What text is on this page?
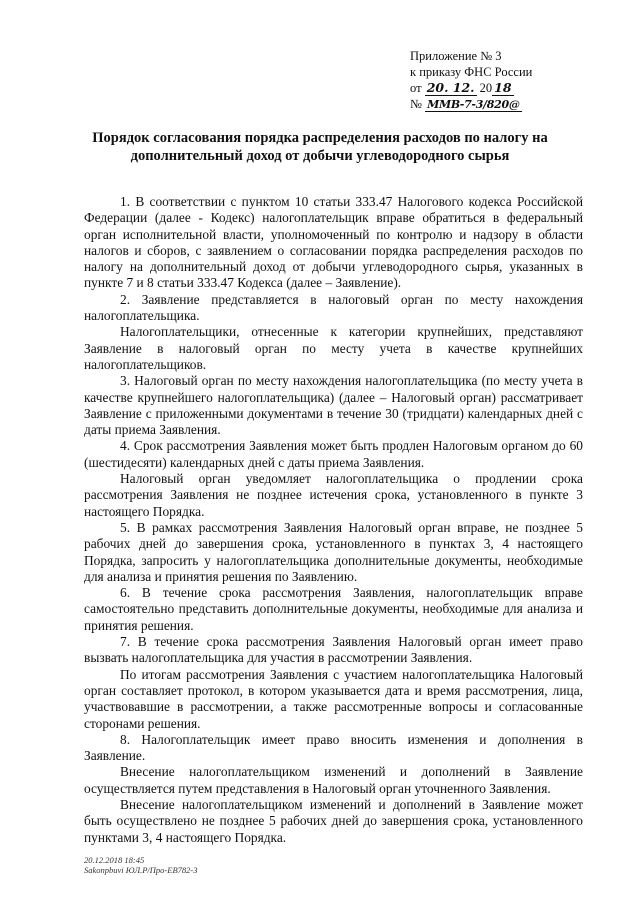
Приложение № 3
к приказу ФНС России
от 20. 12. 20 18
№ ММВ-7-3/820@
Порядок согласования порядка распределения расходов по налогу на
дополнительный доход от добычи углеводородного сырья

1. В соответствии с пунктом 10 статьи 333.47 Налогового кодекса Российской Федерации (далее - Кодекс) налогоплательщик вправе обратиться в федеральный орган исполнительной власти, уполномоченный по контролю и надзору в области налогов и сборов, с заявлением о согласовании порядка распределения расходов по налогу на дополнительный доход от добычи углеводородного сырья, указанных в пункте 7 и 8 статьи 333.47 Кодекса (далее – Заявление).

2. Заявление представляется в налоговый орган по месту нахождения налогоплательщика.

Налогоплательщики, отнесенные к категории крупнейших, представляют Заявление в налоговый орган по месту учета в качестве крупнейших налогоплательщиков.

3. Налоговый орган по месту нахождения налогоплательщика (по месту учета в качестве крупнейшего налогоплательщика) (далее – Налоговый орган) рассматривает Заявление с приложенными документами в течение 30 (тридцати) календарных дней с даты приема Заявления.

4. Срок рассмотрения Заявления может быть продлен Налоговым органом до 60 (шестидесяти) календарных дней с даты приема Заявления.

Налоговый орган уведомляет налогоплательщика о продлении срока рассмотрения Заявления не позднее истечения срока, установленного в пункте 3 настоящего Порядка.

5. В рамках рассмотрения Заявления Налоговый орган вправе, не позднее 5 рабочих дней до завершения срока, установленного в пунктах 3, 4 настоящего Порядка, запросить у налогоплательщика дополнительные документы, необходимые для анализа и принятия решения по Заявлению.

6. В течение срока рассмотрения Заявления, налогоплательщик вправе самостоятельно представить дополнительные документы, необходимые для анализа и принятия решения.

7. В течение срока рассмотрения Заявления Налоговый орган имеет право вызвать налогоплательщика для участия в рассмотрении Заявления.

По итогам рассмотрения Заявления с участием налогоплательщика Налоговый орган составляет протокол, в котором указывается дата и время рассмотрения, лица, участвовавшие в рассмотрении, а также рассмотренные вопросы и согласованные сторонами решения.

8. Налогоплательщик имеет право вносить изменения и дополнения в Заявление.

Внесение налогоплательщиком изменений и дополнений в Заявление осуществляется путем представления в Налоговый орган уточненного Заявления.

Внесение налогоплательщиком изменений и дополнений в Заявление может быть осуществлено не позднее 5 рабочих дней до завершения срока, установленного пунктами 3, 4 настоящего Порядка.

20.12.2018 18:45
Sakonpbuvi ЮЛ.Р/Про-ЕВ782-3
